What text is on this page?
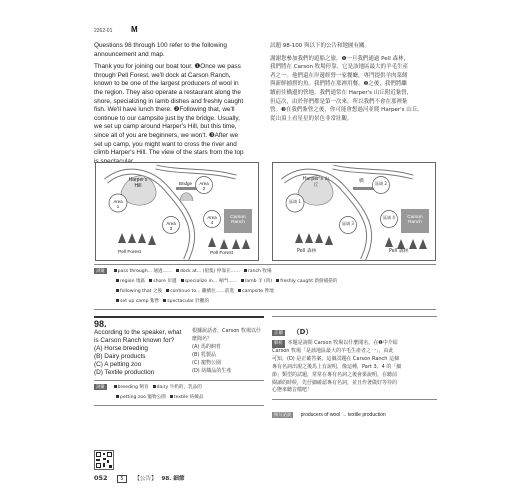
2262-01 M
Questions 98 through 100 refer to the following announcement and map.
Thank you for joining our boat tour. ❶Once we pass
through Pell Forest, we'll dock at Carson Ranch,
known to be one of the largest producers of wool in
the region. They also operate a restaurant along the
shore, specializing in lamb dishes and freshly caught
fish. We'll have lunch there. ❷Following that, we'll
continue to our campsite just by the bridge. Usually,
we set up camp around Harper's Hill, but this time,
since all of you are beginners, we won't. ❸After we
set up camp, you might want to cross the river and
climb Harper's Hill. The view of the stars from the top
試題 98-100 與以下的公告和地圖有關。
謝謝您參加我們的遊船之旅。❶一旦我們通過 Pell 森林，
我們將在 Carson 牧場停靠，它是該地區最大的羊毛生產
者之一。他們還在岸邊經營一家餐廳，專門提供羊肉菜餚
與新鮮捕撈的魚。我們將在那裡用餐。❷之後，我們將繼
續前往橋邊的營地。我們通常在 Harper's 山丘附近紮營，
但這次，由於你們都是第一次來，所以我們不會在那裡紮
營。❸在我們紮營之後，你可能會想過河並爬 Harper's 山丘。
從山頂上看星星的景色非常壯觀。
Harper's Hill	Bridge
Area 1
Area 2
Area 3
Area 4
Carson Ranch
Pell Forest	Pell Forest
Harper's 山丘
橋
區域 1
區域 2
區域 3
區域 4	Carson Ranch
Pell 森林	Pell 森林
詞彙	pass through... 通過…… dock at... (船隻) 停靠在…… ranch 牧場
region 地區 shore 岸邊 specialize in... 專門…… lamb 羊 (肉) freshly caught 新鮮捕撈的
following that 之後 continue to... 繼續往……前進 campsite 營地
set up camp 紮營 spectacular 壯觀的
98.
According to the speaker, what
is Carson Ranch known for?
(A) Horse breeding
(B) Dairy products
(C) A petting zoo
(D) Textile production
根據說話者，Carson 牧場以什
麼聞名？
(A) 馬的飼育
(B) 乳製品
(C) 寵物公園
(D) 紡織品的生產
詞彙	breeding 飼育 dairy 牛奶的，乳品的
petting zoo 寵物公園 textile 紡織品
正解 （D）
解析 本題是詢問 Carson 牧場以什麼聞名。在❶中介紹
Carson 牧場「是該地區最大的羊毛生產者之一」，由此
可知，(D) 是正確答案。這個試題在 Carson Ranch 這個
專有名詞出現之後馬上有說明，像這種，Part 3、4 的「細
節」類型的試題，常常在專有名詞之後會果說明，在聽前
閱讀的時候，先仔細確認專有名詞，並且作著做好等待的
心態來聽音檔吧！
換句話說 producers of wool → textile production
052	5 【公告】 98. 細節
